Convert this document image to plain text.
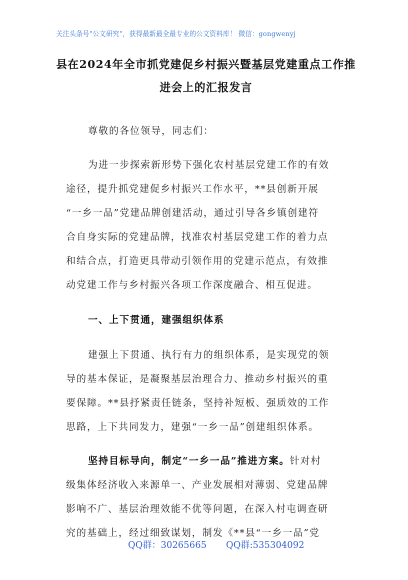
关注头条号"公文研究"，获得最新最全最专业的公文资料库！ 微信：gongwenyj
县在2024年全市抓党建促乡村振兴暨基层党建重点工作推
进会上的汇报发言
尊敬的各位领导，同志们：
为进一步探索新形势下强化农村基层党建工作的有效
途径，提升抓党建促乡村振兴工作水平，**县创新开展
“一乡一品”党建品牌创建活动，通过引导各乡镇创建符
合自身实际的党建品牌，找准农村基层党建工作的着力点
和结合点，打造更具带动引领作用的党建示范点，有效推
动党建工作与乡村振兴各项工作深度融合、相互促进。
一、上下贯通，建强组织体系
建强上下贯通、执行有力的组织体系，是实现党的领
导的基本保证，是凝聚基层治理合力、推动乡村振兴的重
要保障。**县抒紧责任链条，坚持补短板、强质效的工作
思路，上下共同发力，建强“一乡一品”创建组织体系。
坚持目标导向，制定“一乡一品”推进方案。针对村
级集体经济收入来源单一、产业发展相对薄弱、党建品牌
影响不广、基层治理效能不优等问题，在深入村屯调查研
究的基础上，经过细致谋划，制发《**县“一乡一品”党
QQ群：30265665 QQ群:535304092
